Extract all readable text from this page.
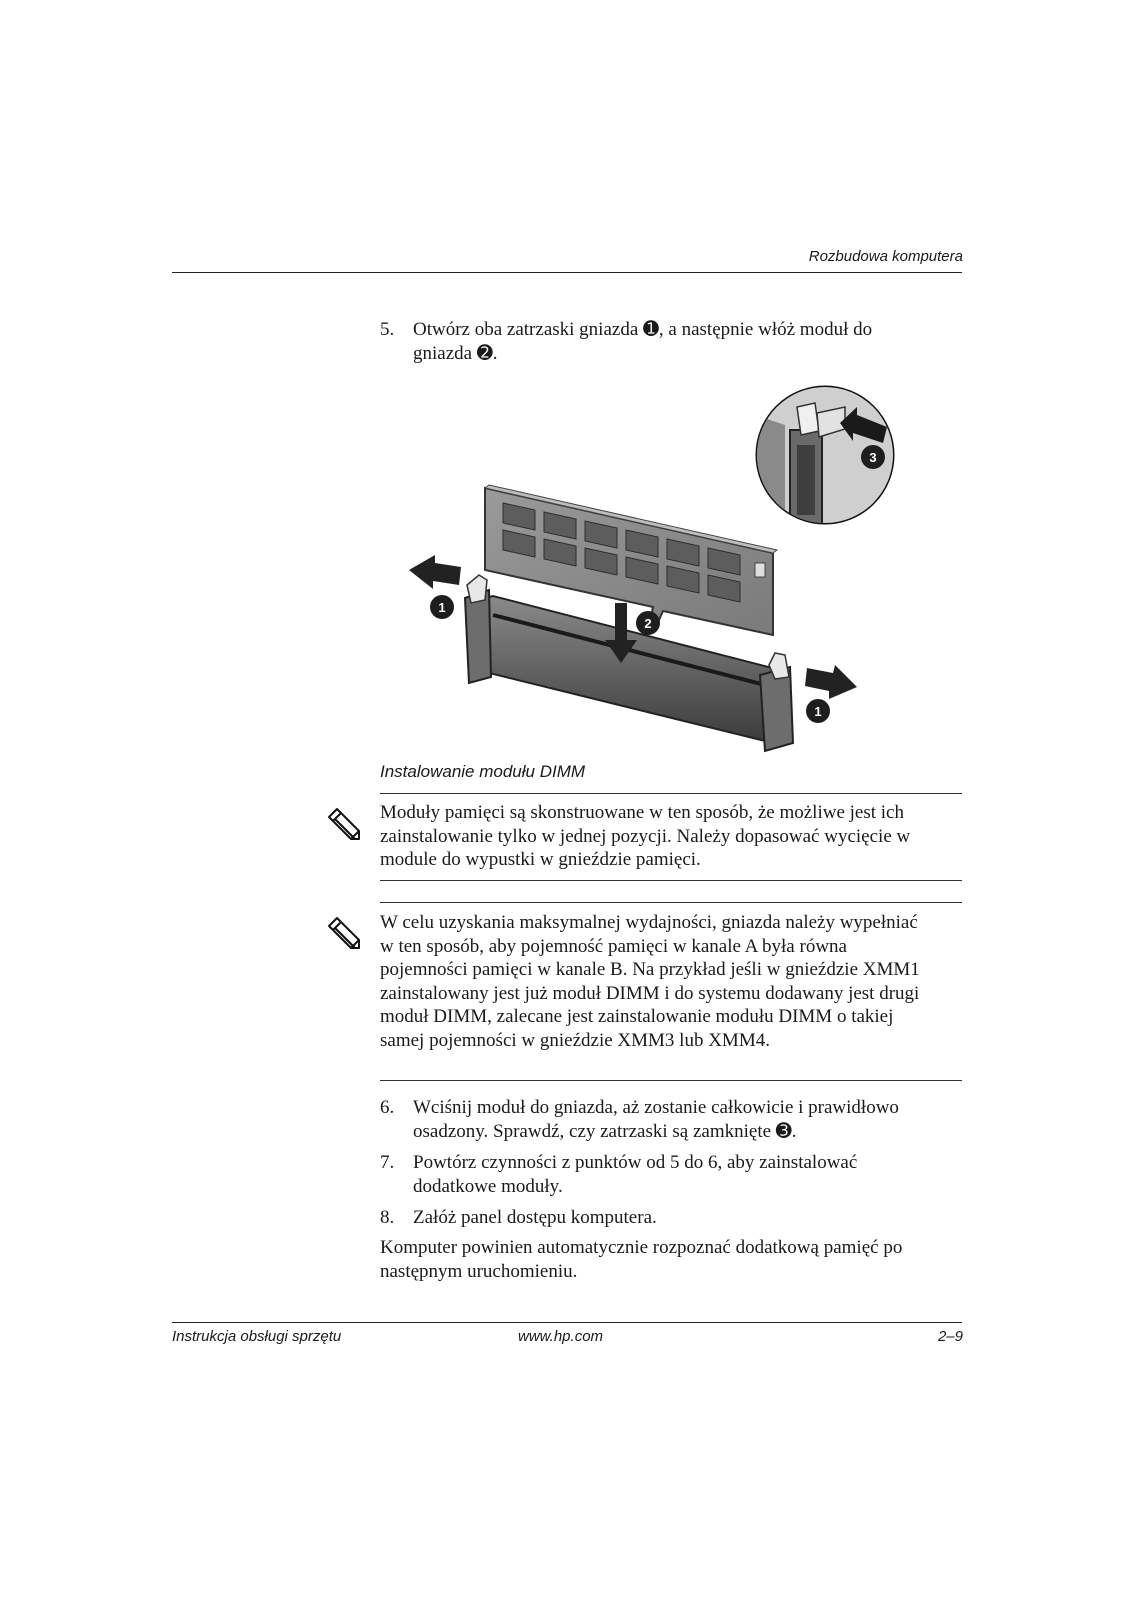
Rozbudowa komputera
5. Otwórz oba zatrzaski gniazda ➊, a następnie włóż moduł do gniazda ➋.
1
2
1
3
Instalowanie modułu DIMM
Moduły pamięci są skonstruowane w ten sposób, że możliwe jest ich zainstalowanie tylko w jednej pozycji. Należy dopasować wycięcie w module do wypustki w gnieździe pamięci.
W celu uzyskania maksymalnej wydajności, gniazda należy wypełniać w ten sposób, aby pojemność pamięci w kanale A była równa pojemności pamięci w kanale B. Na przykład jeśli w gnieździe XMM1 zainstalowany jest już moduł DIMM i do systemu dodawany jest drugi moduł DIMM, zalecane jest zainstalowanie modułu DIMM o takiej samej pojemności w gnieździe XMM3 lub XMM4.
6. Wciśnij moduł do gniazda, aż zostanie całkowicie i prawidłowo osadzony. Sprawdź, czy zatrzaski są zamknięte ➌.
7. Powtórz czynności z punktów od 5 do 6, aby zainstalować dodatkowe moduły.
8. Załóż panel dostępu komputera.
Komputer powinien automatycznie rozpoznać dodatkową pamięć po następnym uruchomieniu.
Instrukcja obsługi sprzętu	www.hp.com	2–9
